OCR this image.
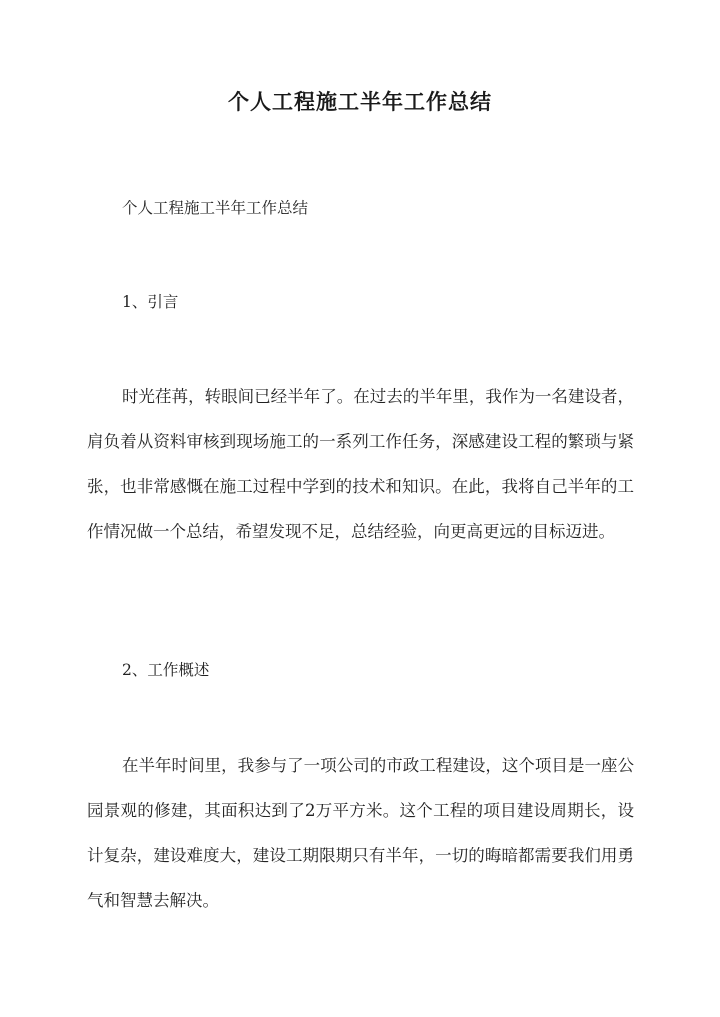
个人工程施工半年工作总结
个人工程施工半年工作总结
1、引言

时光荏苒，转眼间已经半年了。在过去的半年里，我作为一名建设者，肩负着从资料审核到现场施工的一系列工作任务，深感建设工程的繁琐与紧张，也非常感慨在施工过程中学到的技术和知识。在此，我将自己半年的工作情况做一个总结，希望发现不足，总结经验，向更高更远的目标迈进。

2、工作概述

在半年时间里，我参与了一项公司的市政工程建设，这个项目是一座公园景观的修建，其面积达到了2万平方米。这个工程的项目建设周期长，设计复杂，建设难度大，建设工期限期只有半年，一切的晦暗都需要我们用勇气和智慧去解决。
